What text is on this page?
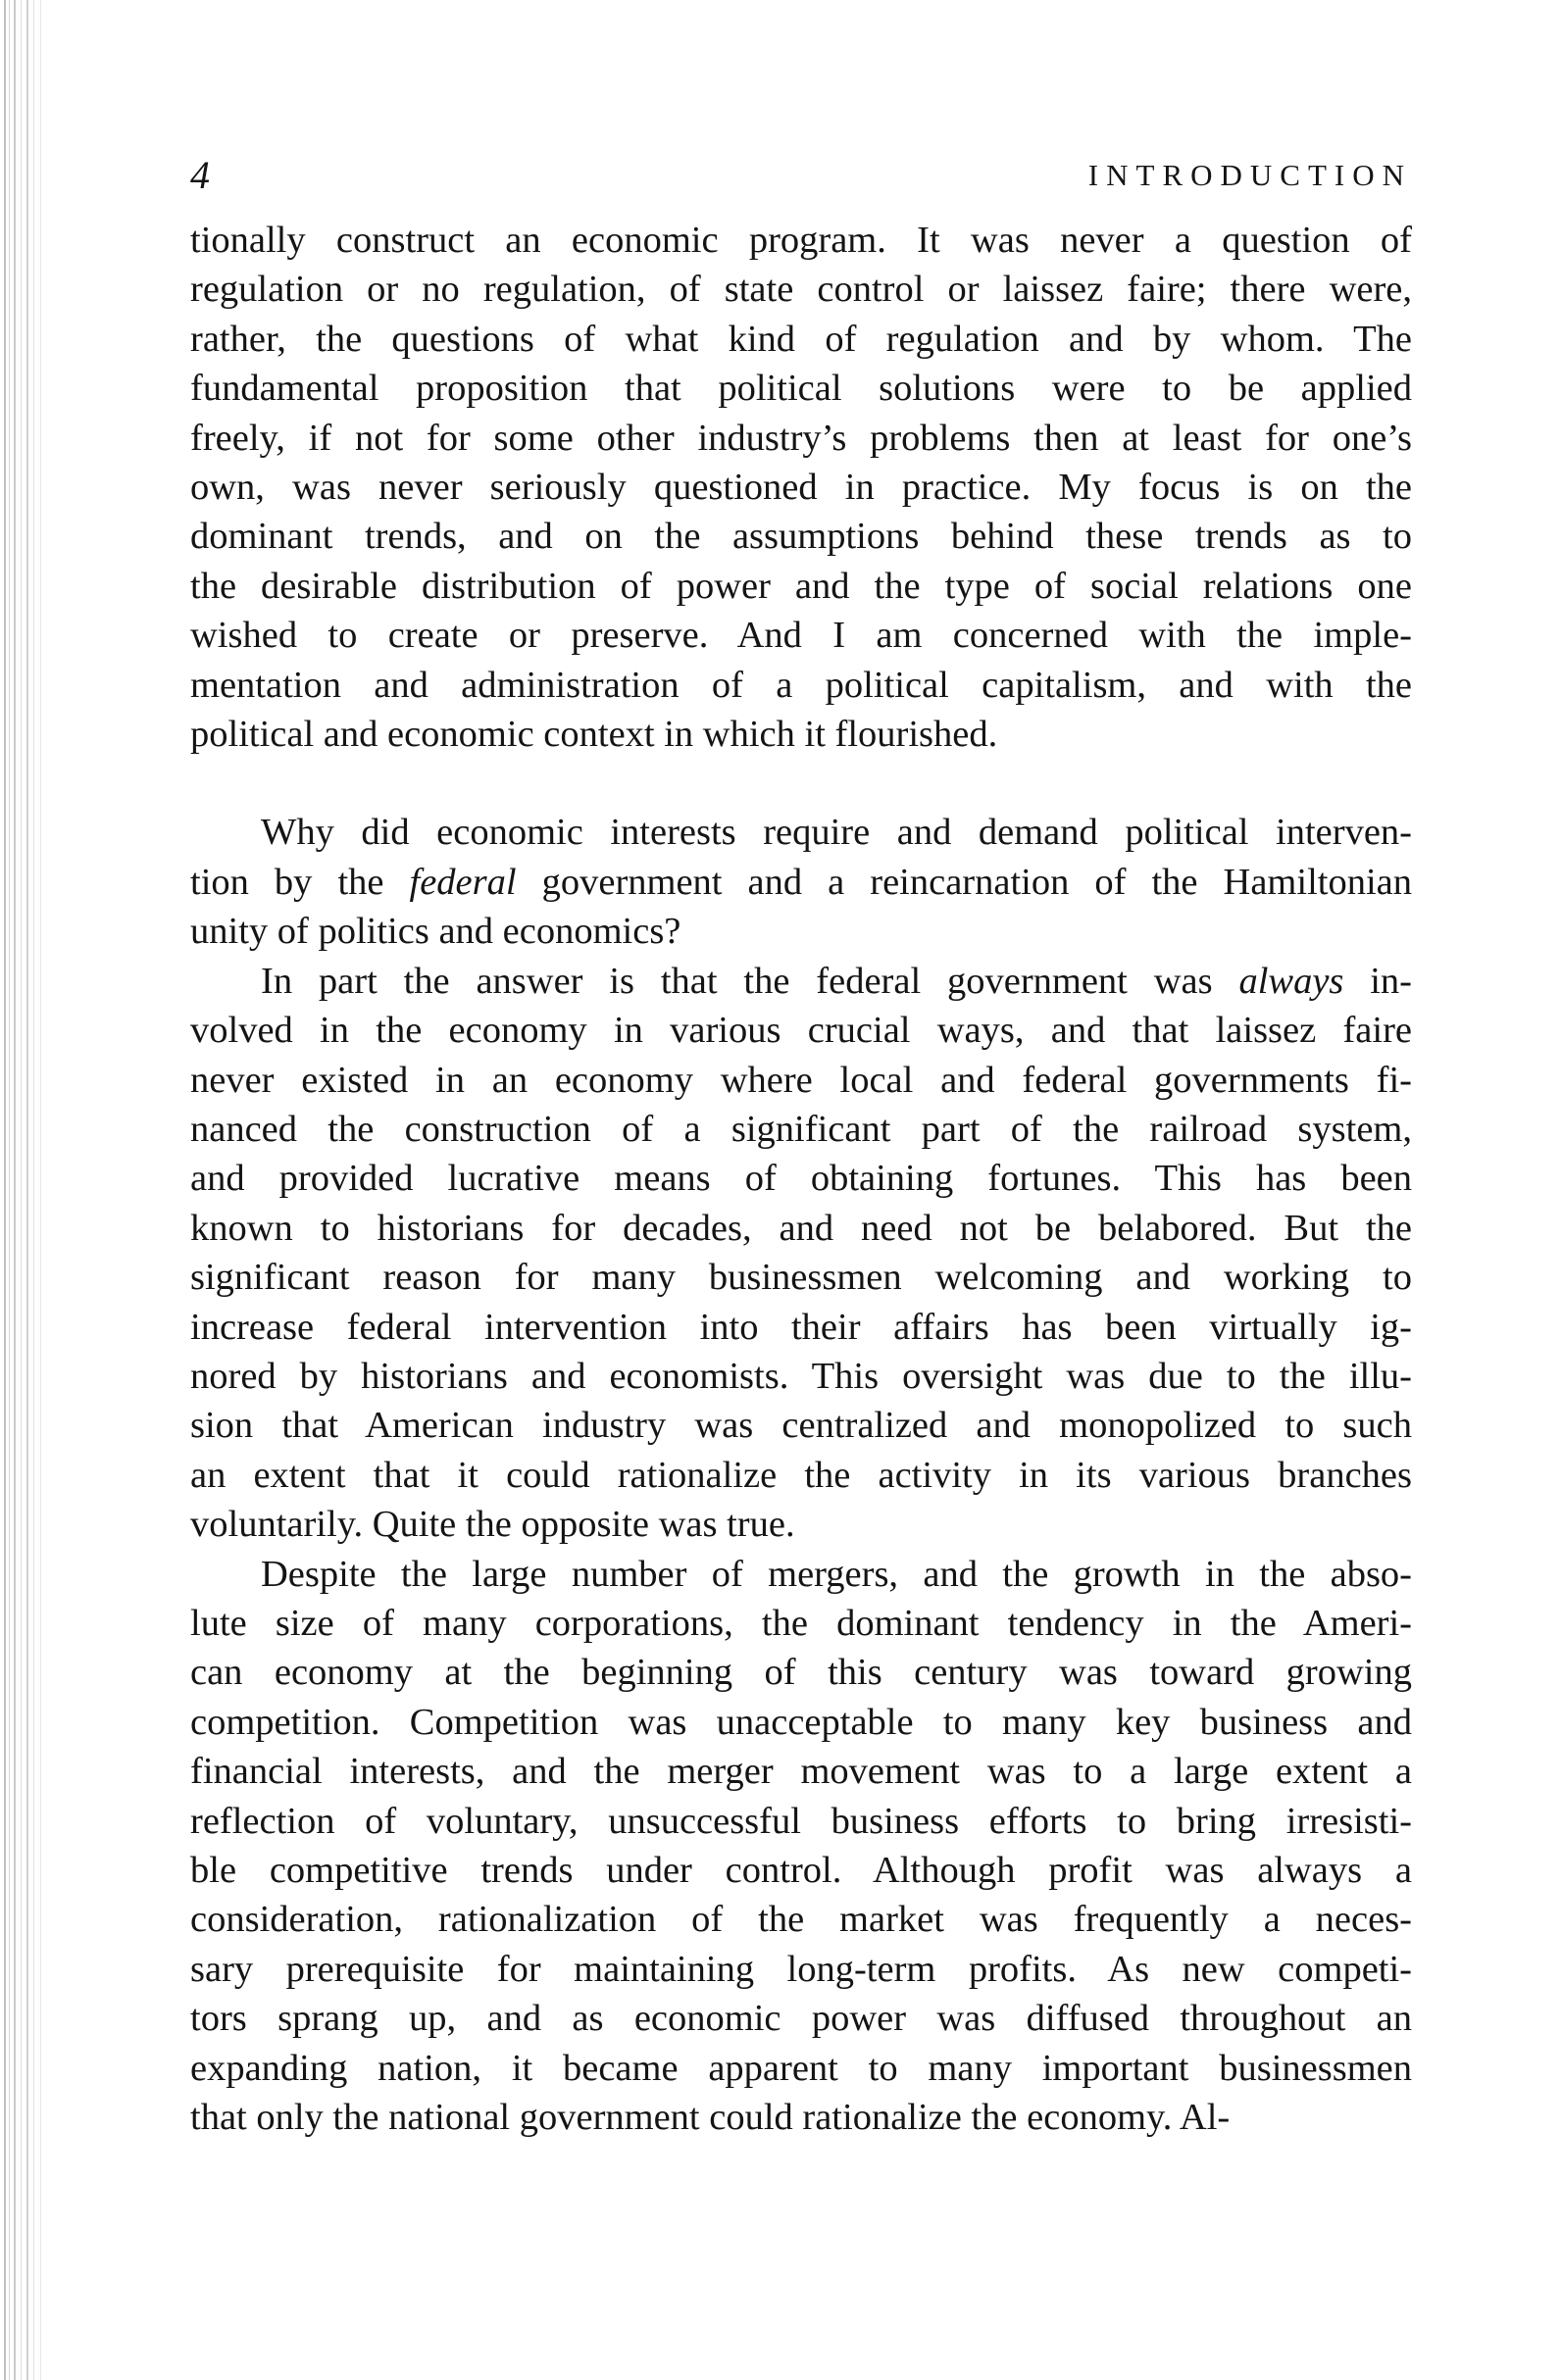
4	INTRODUCTION

tionally construct an economic program. It was never a question of
regulation or no regulation, of state control or laissez faire; there were,
rather, the questions of what kind of regulation and by whom. The
fundamental proposition that political solutions were to be applied
freely, if not for some other industry’s problems then at least for one’s
own, was never seriously questioned in practice. My focus is on the
dominant trends, and on the assumptions behind these trends as to
the desirable distribution of power and the type of social relations one
wished to create or preserve. And I am concerned with the imple-
mentation and administration of a political capitalism, and with the
political and economic context in which it flourished.

Why did economic interests require and demand political interven-
tion by the federal government and a reincarnation of the Hamiltonian
unity of politics and economics?

In part the answer is that the federal government was always in-
volved in the economy in various crucial ways, and that laissez faire
never existed in an economy where local and federal governments fi-
nanced the construction of a significant part of the railroad system,
and provided lucrative means of obtaining fortunes. This has been
known to historians for decades, and need not be belabored. But the
significant reason for many businessmen welcoming and working to
increase federal intervention into their affairs has been virtually ig-
nored by historians and economists. This oversight was due to the illu-
sion that American industry was centralized and monopolized to such
an extent that it could rationalize the activity in its various branches
voluntarily. Quite the opposite was true.

Despite the large number of mergers, and the growth in the abso-
lute size of many corporations, the dominant tendency in the Ameri-
can economy at the beginning of this century was toward growing
competition. Competition was unacceptable to many key business and
financial interests, and the merger movement was to a large extent a
reflection of voluntary, unsuccessful business efforts to bring irresisti-
ble competitive trends under control. Although profit was always a
consideration, rationalization of the market was frequently a neces-
sary prerequisite for maintaining long-term profits. As new competi-
tors sprang up, and as economic power was diffused throughout an
expanding nation, it became apparent to many important businessmen
that only the national government could rationalize the economy. Al-
